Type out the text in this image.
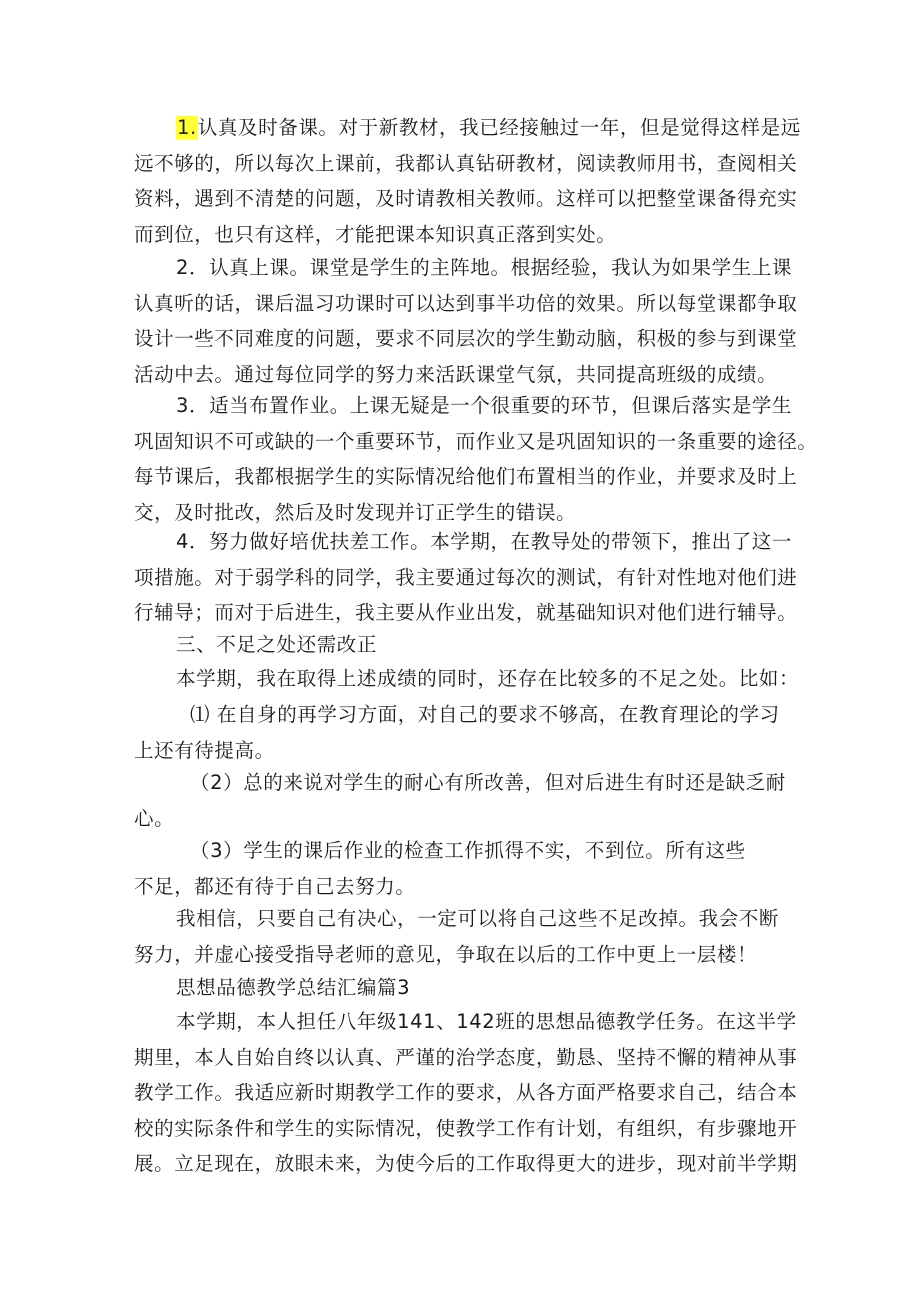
1.认真及时备课。对于新教材，我已经接触过一年，但是觉得这样是远
远不够的，所以每次上课前，我都认真钻研教材，阅读教师用书，查阅相关
资料，遇到不清楚的问题，及时请教相关教师。这样可以把整堂课备得充实
而到位，也只有这样，才能把课本知识真正落到实处。
2．认真上课。课堂是学生的主阵地。根据经验，我认为如果学生上课
认真听的话，课后温习功课时可以达到事半功倍的效果。所以每堂课都争取
设计一些不同难度的问题，要求不同层次的学生勤动脑，积极的参与到课堂
活动中去。通过每位同学的努力来活跃课堂气氛，共同提高班级的成绩。
3．适当布置作业。上课无疑是一个很重要的环节，但课后落实是学生
巩固知识不可或缺的一个重要环节，而作业又是巩固知识的一条重要的途径。
每节课后，我都根据学生的实际情况给他们布置相当的作业，并要求及时上
交，及时批改，然后及时发现并订正学生的错误。
4．努力做好培优扶差工作。本学期，在教导处的带领下，推出了这一
项措施。对于弱学科的同学，我主要通过每次的测试，有针对性地对他们进
行辅导；而对于后进生，我主要从作业出发，就基础知识对他们进行辅导。
三、不足之处还需改正
本学期，我在取得上述成绩的同时，还存在比较多的不足之处。比如：
⑴ 在自身的再学习方面，对自己的要求不够高，在教育理论的学习
上还有待提高。
（2）总的来说对学生的耐心有所改善，但对后进生有时还是缺乏耐
心。
（3）学生的课后作业的检查工作抓得不实，不到位。所有这些
不足，都还有待于自己去努力。
我相信，只要自己有决心，一定可以将自己这些不足改掉。我会不断
努力，并虚心接受指导老师的意见，争取在以后的工作中更上一层楼！
思想品德教学总结汇编篇3
本学期，本人担任八年级141、142班的思想品德教学任务。在这半学
期里，本人自始自终以认真、严谨的治学态度，勤恳、坚持不懈的精神从事
教学工作。我适应新时期教学工作的要求，从各方面严格要求自己，结合本
校的实际条件和学生的实际情况，使教学工作有计划，有组织，有步骤地开
展。立足现在，放眼未来，为使今后的工作取得更大的进步，现对前半学期
